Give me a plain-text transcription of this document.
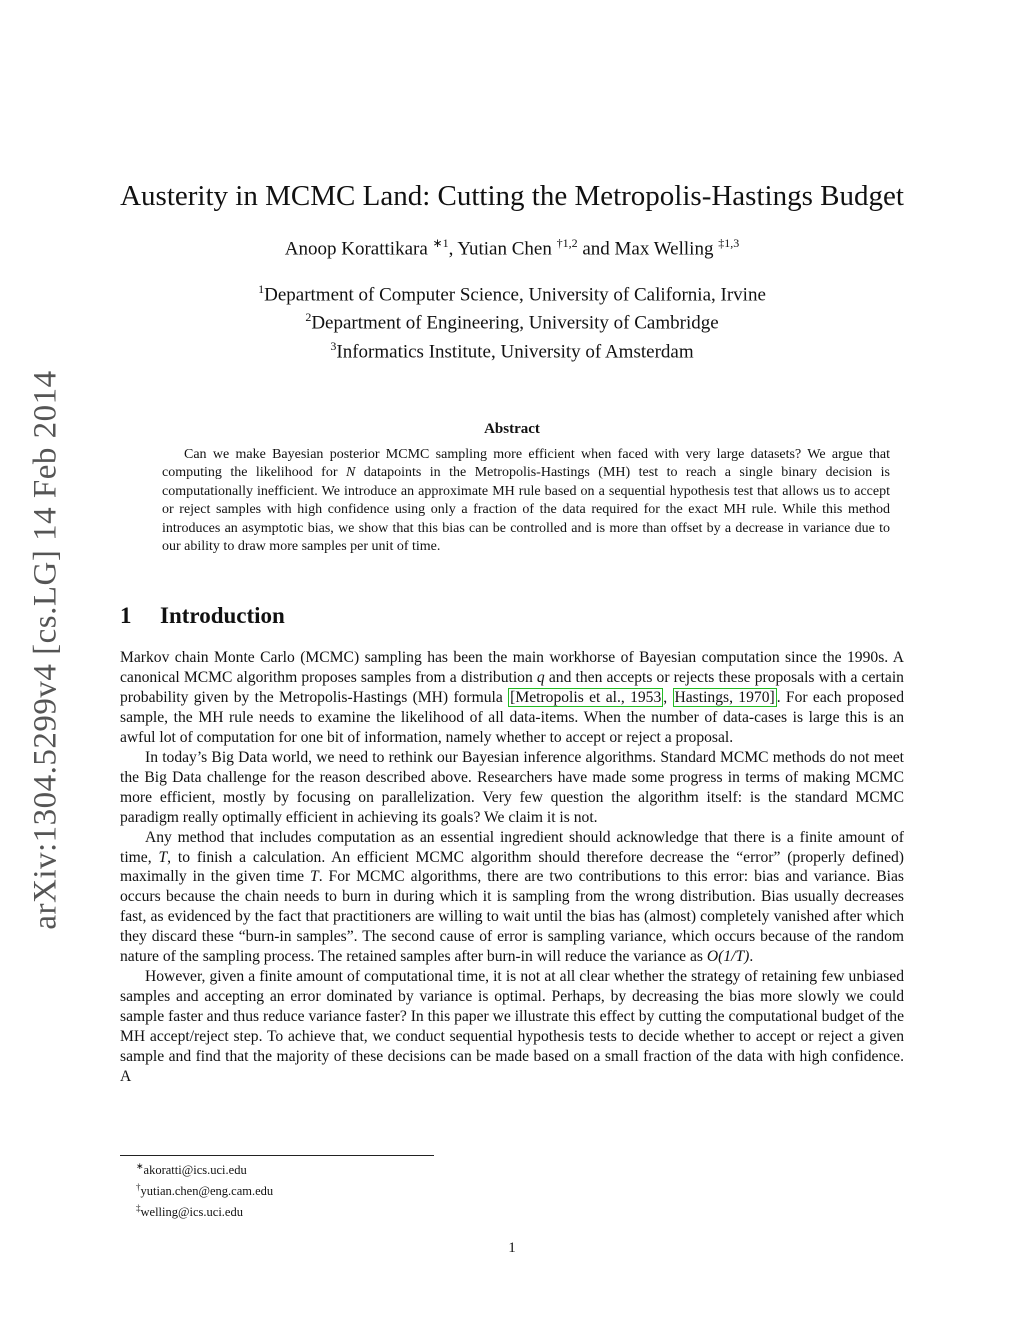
arXiv:1304.5299v4 [cs.LG] 14 Feb 2014
Austerity in MCMC Land: Cutting the Metropolis-Hastings Budget
Anoop Korattikara $^{∗1}$, Yutian Chen $^{\dagger 1,2}$ and Max Welling $^{\ddagger 1,3}$
$^1$Department of Computer Science, University of California, Irvine
$^2$Department of Engineering, University of Cambridge
$^3$Informatics Institute, University of Amsterdam
Abstract
Can we make Bayesian posterior MCMC sampling more efficient when faced with very large datasets? We argue that computing the likelihood for N datapoints in the Metropolis-Hastings (MH) test to reach a single binary decision is computationally inefficient. We introduce an approximate MH rule based on a sequential hypothesis test that allows us to accept or reject samples with high confidence using only a fraction of the data required for the exact MH rule. While this method introduces an asymptotic bias, we show that this bias can be controlled and is more than offset by a decrease in variance due to our ability to draw more samples per unit of time.
1 Introduction

Markov chain Monte Carlo (MCMC) sampling has been the main workhorse of Bayesian computation since the 1990s. A canonical MCMC algorithm proposes samples from a distribution q and then accepts or rejects these proposals with a certain probability given by the Metropolis-Hastings (MH) formula [Metropolis et al., 1953 , Hastings, 1970] . For each proposed sample, the MH rule needs to examine the likelihood of all data-items. When the number of data-cases is large this is an awful lot of computation for one bit of information, namely whether to accept or reject a proposal.

In today’s Big Data world, we need to rethink our Bayesian inference algorithms. Standard MCMC methods do not meet the Big Data challenge for the reason described above. Researchers have made some progress in terms of making MCMC more efficient, mostly by focusing on parallelization. Very few question the algorithm itself: is the standard MCMC paradigm really optimally efficient in achieving its goals? We claim it is not.

Any method that includes computation as an essential ingredient should acknowledge that there is a finite amount of time, T, to finish a calculation. An efficient MCMC algorithm should therefore decrease the “error” (properly defined) maximally in the given time T. For MCMC algorithms, there are two contributions to this error: bias and variance. Bias occurs because the chain needs to burn in during which it is sampling from the wrong distribution. Bias usually decreases fast, as evidenced by the fact that practitioners are willing to wait until the bias has (almost) completely vanished after which they discard these “burn-in samples”. The second cause of error is sampling variance, which occurs because of the random nature of the sampling process. The retained samples after burn-in will reduce the variance as O(1/T).

However, given a finite amount of computational time, it is not at all clear whether the strategy of retaining few unbiased samples and accepting an error dominated by variance is optimal. Perhaps, by decreasing the bias more slowly we could sample faster and thus reduce variance faster? In this paper we illustrate this effect by cutting the computational budget of the MH accept/reject step. To achieve that, we conduct sequential hypothesis tests to decide whether to accept or reject a given sample and find that the majority of these decisions can be made based on a small fraction of the data with high confidence. A

∗akoratti@ics.uci.edu
†yutian.chen@eng.cam.edu
‡welling@ics.uci.edu
1
